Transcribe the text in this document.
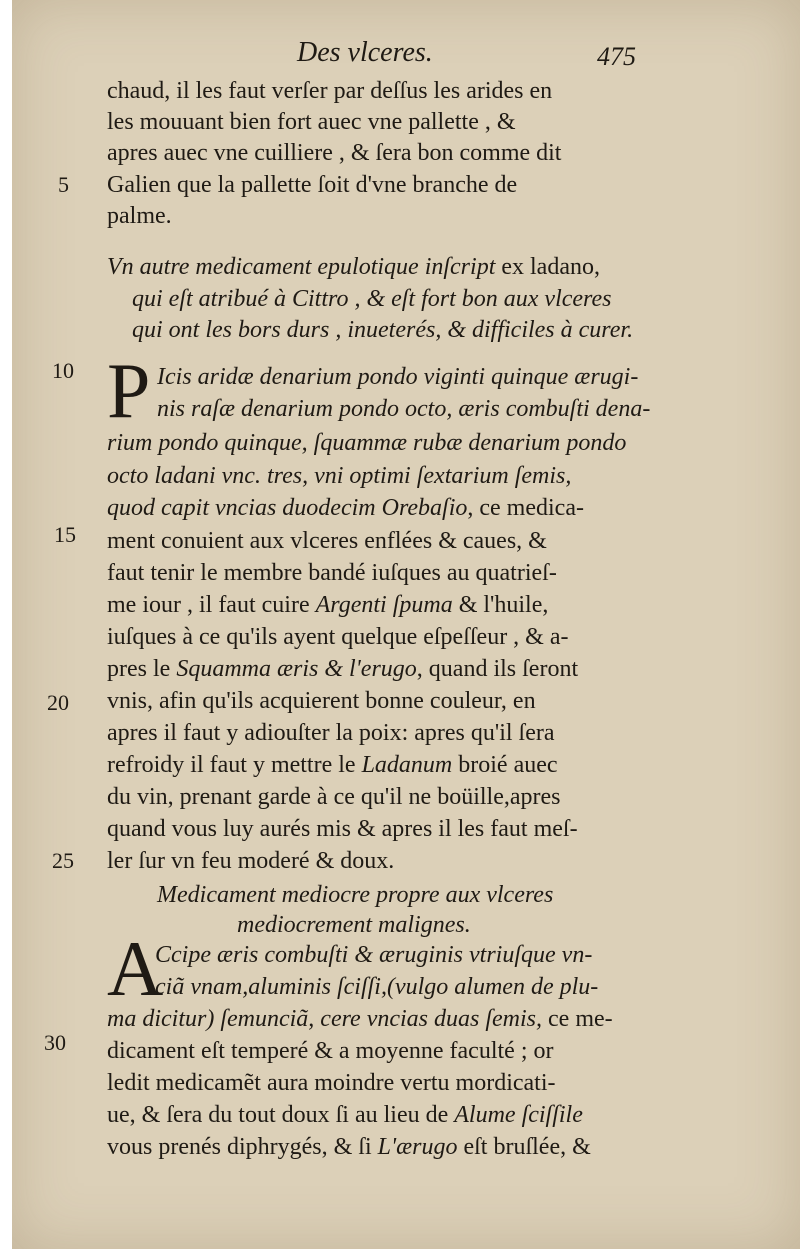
Des vlceres.	475
5
10
15
20
25
30
chaud, il les faut verſer par deſſus les arides en
les mouuant bien fort auec vne pallette , &
apres auec vne cuilliere , & ſera bon comme dit
Galien que la pallette ſoit d'vne branche de
palme.
Vn autre medicament epulotique inſcript ex ladano,
qui eſt atribué à Cittro , & eſt fort bon aux vlceres
qui ont les bors durs , inueterés, & difficiles à curer.
P Icis aridæ denarium pondo viginti quinque ærugi-
nis raſæ denarium pondo octo, æris combuſti dena-
rium pondo quinque, ſquammæ rubæ denarium pondo
octo ladani vnc. tres, vni optimi ſextarium ſemis,
quod capit vncias duodecim Orebaſio, ce medica-
ment conuient aux vlceres enflées & caues, &
faut tenir le membre bandé iuſques au quatrieſ-
me iour , il faut cuire Argenti ſpuma & l'huile,
iuſques à ce qu'ils ayent quelque eſpeſſeur , & a-
pres le Squamma æris & l'erugo, quand ils ſeront
vnis, afin qu'ils acquierent bonne couleur, en
apres il faut y adiouſter la poix: apres qu'il ſera
refroidy il faut y mettre le Ladanum broié auec
du vin, prenant garde à ce qu'il ne boüille,apres
quand vous luy aurés mis & apres il les faut meſ-
ler ſur vn feu moderé & doux.
Medicament mediocre propre aux vlceres
mediocrement malignes.
A
Ccipe æris combuſti & æruginis vtriuſque vn-
ciã vnam,aluminis ſciſſi,(vulgo alumen de plu-
ma dicitur) ſemunciã, cere vncias duas ſemis, ce me-
dicament eſt temperé & a moyenne faculté ; or
ledit medicamẽt aura moindre vertu mordicati-
ue, & ſera du tout doux ſi au lieu de Alume ſciſſile
vous prenés diphrygés, & ſi L'ærugo eſt bruſlée, &
